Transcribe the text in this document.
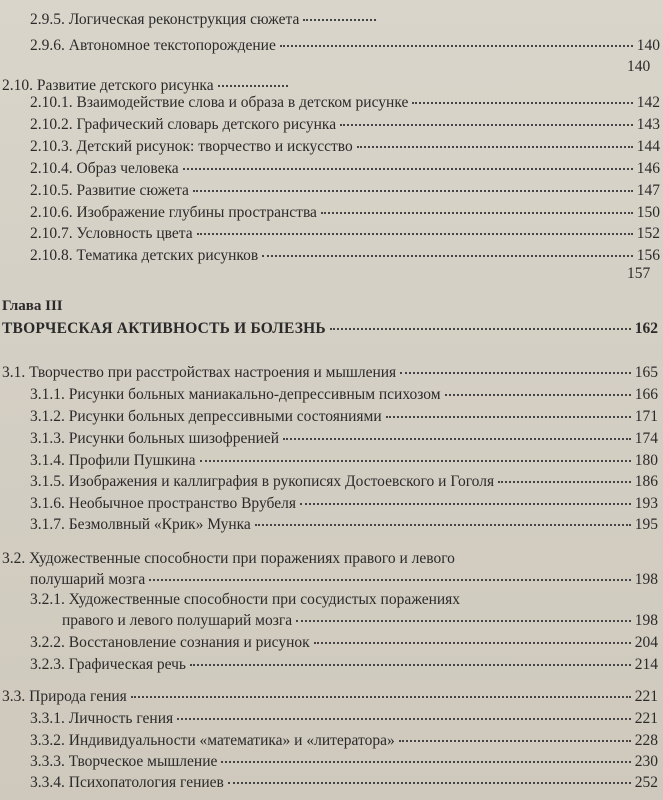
2.9.5. Логическая реконструкция сюжета
2.9.6. Автономное текстопорождение	140
140
2.10. Развитие детского рисунка
2.10.1. Взаимодействие слова и образа в детском рисунке	142
2.10.2. Графический словарь детского рисунка	143
2.10.3. Детский рисунок: творчество и искусство	144
2.10.4. Образ человека	146
2.10.5. Развитие сюжета	147
2.10.6. Изображение глубины пространства	150
2.10.7. Условность цвета	152
2.10.8. Тематика детских рисунков	156
157
Глава III
ТВОРЧЕСКАЯ АКТИВНОСТЬ И БОЛЕЗНЬ	162
3.1. Творчество при расстройствах настроения и мышления	165
3.1.1. Рисунки больных маниакально-депрессивным психозом	166
3.1.2. Рисунки больных депрессивными состояниями	171
3.1.3. Рисунки больных шизофренией	174
3.1.4. Профили Пушкина	180
3.1.5. Изображения и каллиграфия в рукописях Достоевского и Гоголя	186
3.1.6. Необычное пространство Врубеля	193
3.1.7. Безмолвный «Крик» Мунка	195
3.2. Художественные способности при поражениях правого и левого
полушарий мозга	198
3.2.1. Художественные способности при сосудистых поражениях
правого и левого полушарий мозга	198
3.2.2. Восстановление сознания и рисунок	204
3.2.3. Графическая речь	214
3.3. Природа гения	221
3.3.1. Личность гения	221
3.3.2. Индивидуальности «математика» и «литератора»	228
3.3.3. Творческое мышление	230
3.3.4. Психопатология гениев	252
